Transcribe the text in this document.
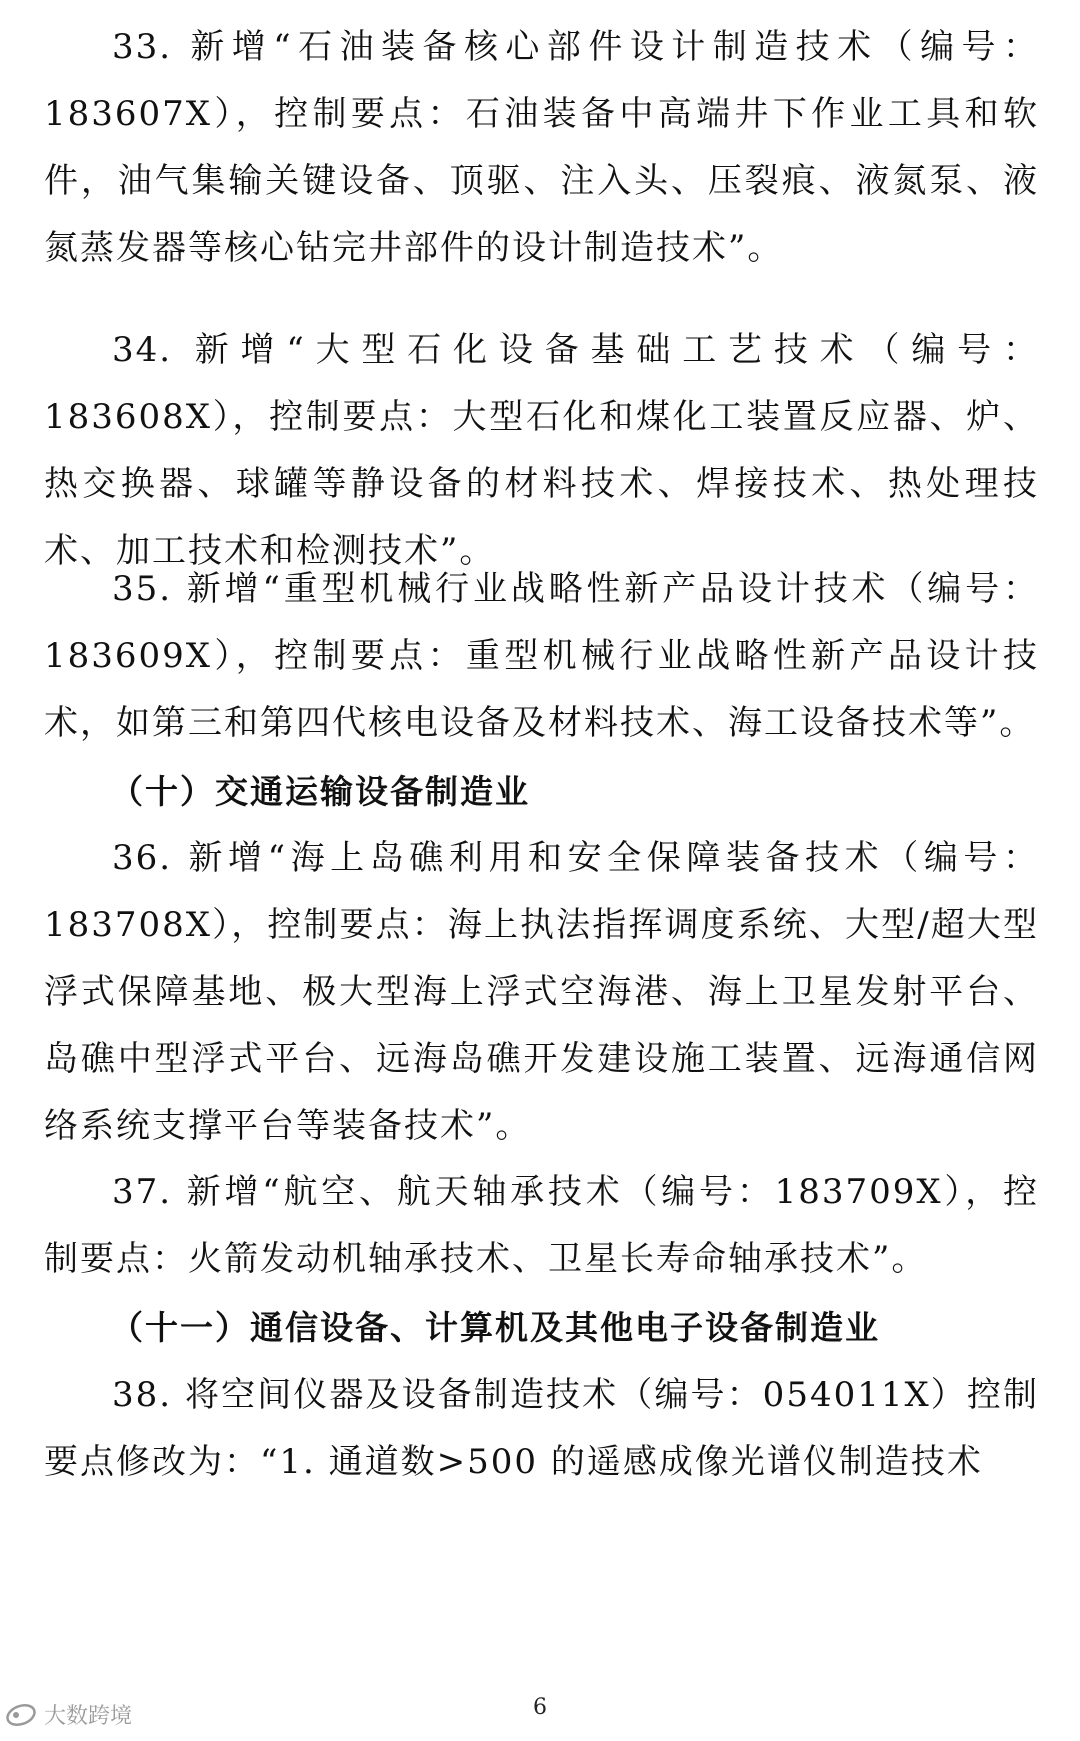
33. 新增“石油装备核心部件设计制造技术（编号：183607X），控制要点：石油装备中高端井下作业工具和软件，油气集输关键设备、顶驱、注入头、压裂痕、液氮泵、液氮蒸发器等核心钻完井部件的设计制造技术”。

34. 新增“大型石化设备基础工艺技术（编号：183608X），控制要点：大型石化和煤化工装置反应器、炉、热交换器、球罐等静设备的材料技术、焊接技术、热处理技术、加工技术和检测技术”。

35. 新增“重型机械行业战略性新产品设计技术（编号：183609X），控制要点：重型机械行业战略性新产品设计技术，如第三和第四代核电设备及材料技术、海工设备技术等”。

（十）交通运输设备制造业

36. 新增“海上岛礁利用和安全保障装备技术（编号：183708X），控制要点：海上执法指挥调度系统、大型/超大型浮式保障基地、极大型海上浮式空海港、海上卫星发射平台、岛礁中型浮式平台、远海岛礁开发建设施工装置、远海通信网络系统支撑平台等装备技术”。

37. 新增“航空、航天轴承技术（编号：183709X），控制要点：火箭发动机轴承技术、卫星长寿命轴承技术”。

（十一）通信设备、计算机及其他电子设备制造业

38. 将空间仪器及设备制造技术（编号：054011X）控制要点修改为：“1. 通道数>500 的遥感成像光谱仪制造技术

6
大数跨境
